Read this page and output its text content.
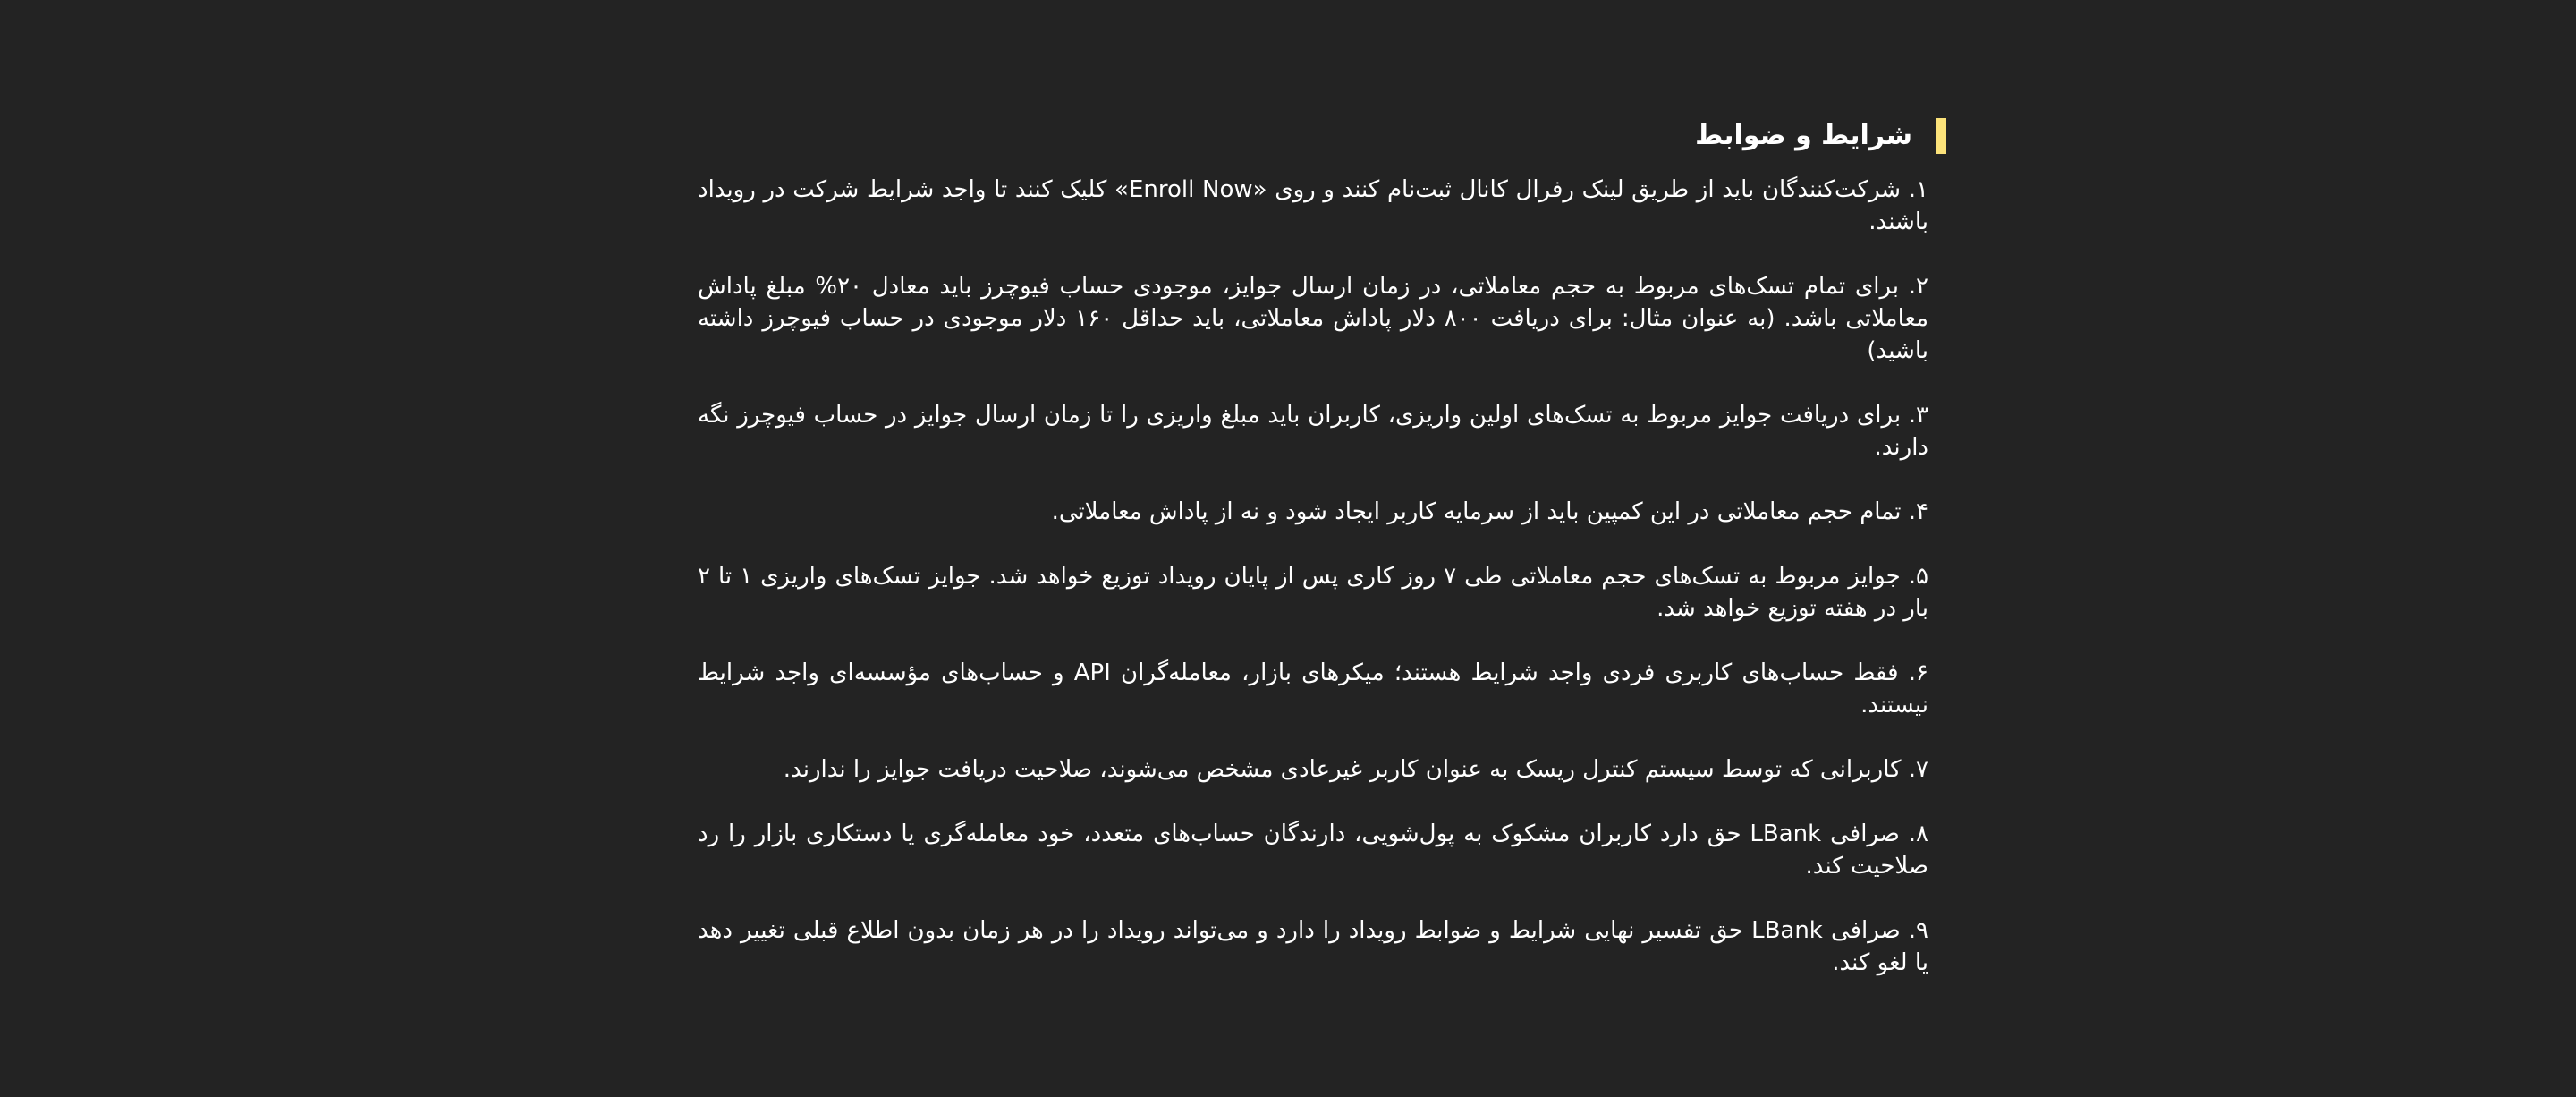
شرایط و ضوابط
۱. شرکت‌کنندگان باید از طریق لینک رفرال کانال ثبت‌نام کنند و روی «Enroll Now» کلیک کنند تا واجد شرایط شرکت در رویداد باشند.
۲. برای تمام تسک‌های مربوط به حجم معاملاتی، در زمان ارسال جوایز، موجودی حساب فیوچرز باید معادل ۲۰% مبلغ پاداش معاملاتی باشد. (به عنوان مثال: برای دریافت ۸۰۰ دلار پاداش معاملاتی، باید حداقل ۱۶۰ دلار موجودی در حساب فیوچرز داشته باشید)
۳. برای دریافت جوایز مربوط به تسک‌های اولین واریزی، کاربران باید مبلغ واریزی را تا زمان ارسال جوایز در حساب فیوچرز نگه دارند.
۴. تمام حجم معاملاتی در این کمپین باید از سرمایه کاربر ایجاد شود و نه از پاداش معاملاتی.
۵. جوایز مربوط به تسک‌های حجم معاملاتی طی ۷ روز کاری پس از پایان رویداد توزیع خواهد شد. جوایز تسک‌های واریزی ۱ تا ۲ بار در هفته توزیع خواهد شد.
۶. فقط حساب‌های کاربری فردی واجد شرایط هستند؛ میکرهای بازار، معامله‌گران API و حساب‌های مؤسسه‌ای واجد شرایط نیستند.
۷. کاربرانی که توسط سیستم کنترل ریسک به عنوان کاربر غیرعادی مشخص می‌شوند، صلاحیت دریافت جوایز را ندارند.
۸. صرافی LBank حق دارد کاربران مشکوک به پول‌شویی، دارندگان حساب‌های متعدد، خود معامله‌گری یا دستکاری بازار را رد صلاحیت کند.
۹. صرافی LBank حق تفسیر نهایی شرایط و ضوابط رویداد را دارد و می‌تواند رویداد را در هر زمان بدون اطلاع قبلی تغییر دهد یا لغو کند.
